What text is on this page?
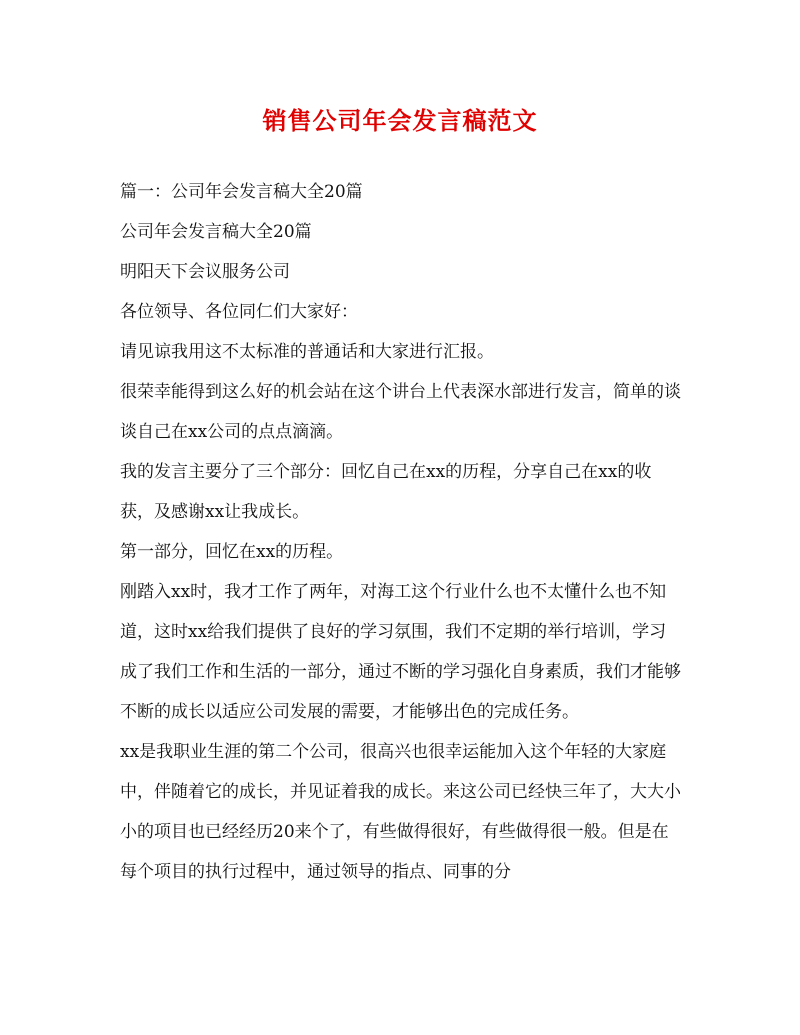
销售公司年会发言稿范文

篇一：公司年会发言稿大全20篇

公司年会发言稿大全20篇

明阳天下会议服务公司

各位领导、各位同仁们大家好：

请见谅我用这不太标准的普通话和大家进行汇报。

很荣幸能得到这么好的机会站在这个讲台上代表深水部进行发言，简单的谈谈自己在xx公司的点点滴滴。

我的发言主要分了三个部分：回忆自己在xx的历程，分享自己在xx的收获，及感谢xx让我成长。

第一部分，回忆在xx的历程。

刚踏入xx时，我才工作了两年，对海工这个行业什么也不太懂什么也不知道，这时xx给我们提供了良好的学习氛围，我们不定期的举行培训，学习成了我们工作和生活的一部分，通过不断的学习强化自身素质，我们才能够不断的成长以适应公司发展的需要，才能够出色的完成任务。

xx是我职业生涯的第二个公司，很高兴也很幸运能加入这个年轻的大家庭中，伴随着它的成长，并见证着我的成长。来这公司已经快三年了，大大小小的项目也已经经历20来个了，有些做得很好，有些做得很一般。但是在每个项目的执行过程中，通过领导的指点、同事的分
